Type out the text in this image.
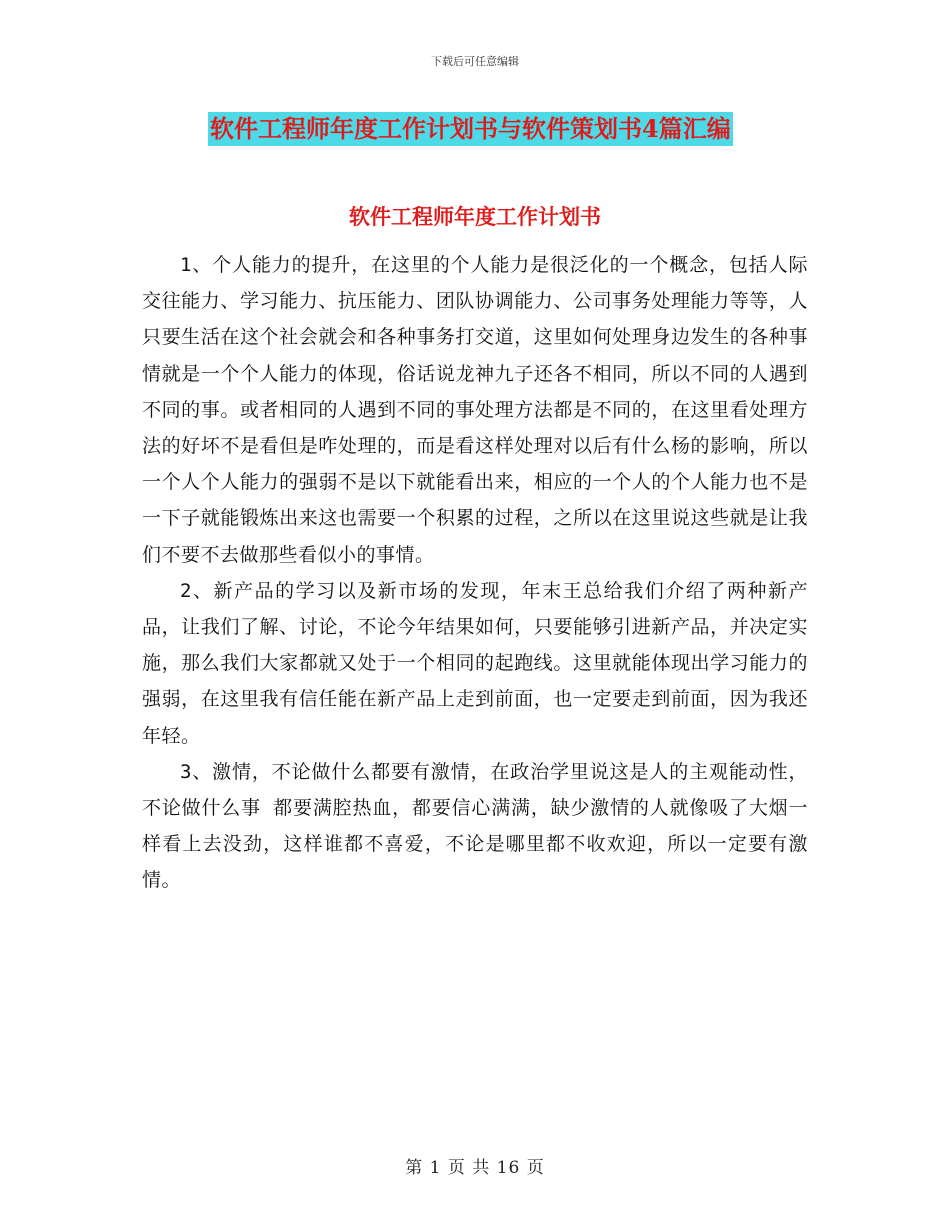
下载后可任意编辑
软件工程师年度工作计划书与软件策划书4篇汇编
软件工程师年度工作计划书

1、个人能力的提升，在这里的个人能力是很泛化的一个概念，包括人际交往能力、学习能力、抗压能力、团队协调能力、公司事务处理能力等等，人只要生活在这个社会就会和各种事务打交道，这里如何处理身边发生的各种事情就是一个个人能力的体现，俗话说龙神九子还各不相同，所以不同的人遇到不同的事。或者相同的人遇到不同的事处理方法都是不同的，在这里看处理方法的好坏不是看但是咋处理的，而是看这样处理对以后有什么杨的影响，所以一个人个人能力的强弱不是以下就能看出来，相应的一个人的个人能力也不是一下子就能锻炼出来这也需要一个积累的过程，之所以在这里说这些就是让我们不要不去做那些看似小的事情。

2、新产品的学习以及新市场的发现，年末王总给我们介绍了两种新产品，让我们了解、讨论，不论今年结果如何，只要能够引进新产品，并决定实施，那么我们大家都就又处于一个相同的起跑线。这里就能体现出学习能力的强弱，在这里我有信任能在新产品上走到前面，也一定要走到前面，因为我还年轻。

3、激情，不论做什么都要有激情，在政治学里说这是人的主观能动性，不论做什么事 都要满腔热血，都要信心满满，缺少激情的人就像吸了大烟一样看上去没劲，这样谁都不喜爱，不论是哪里都不收欢迎，所以一定要有激情。

第 1 页 共 16 页
